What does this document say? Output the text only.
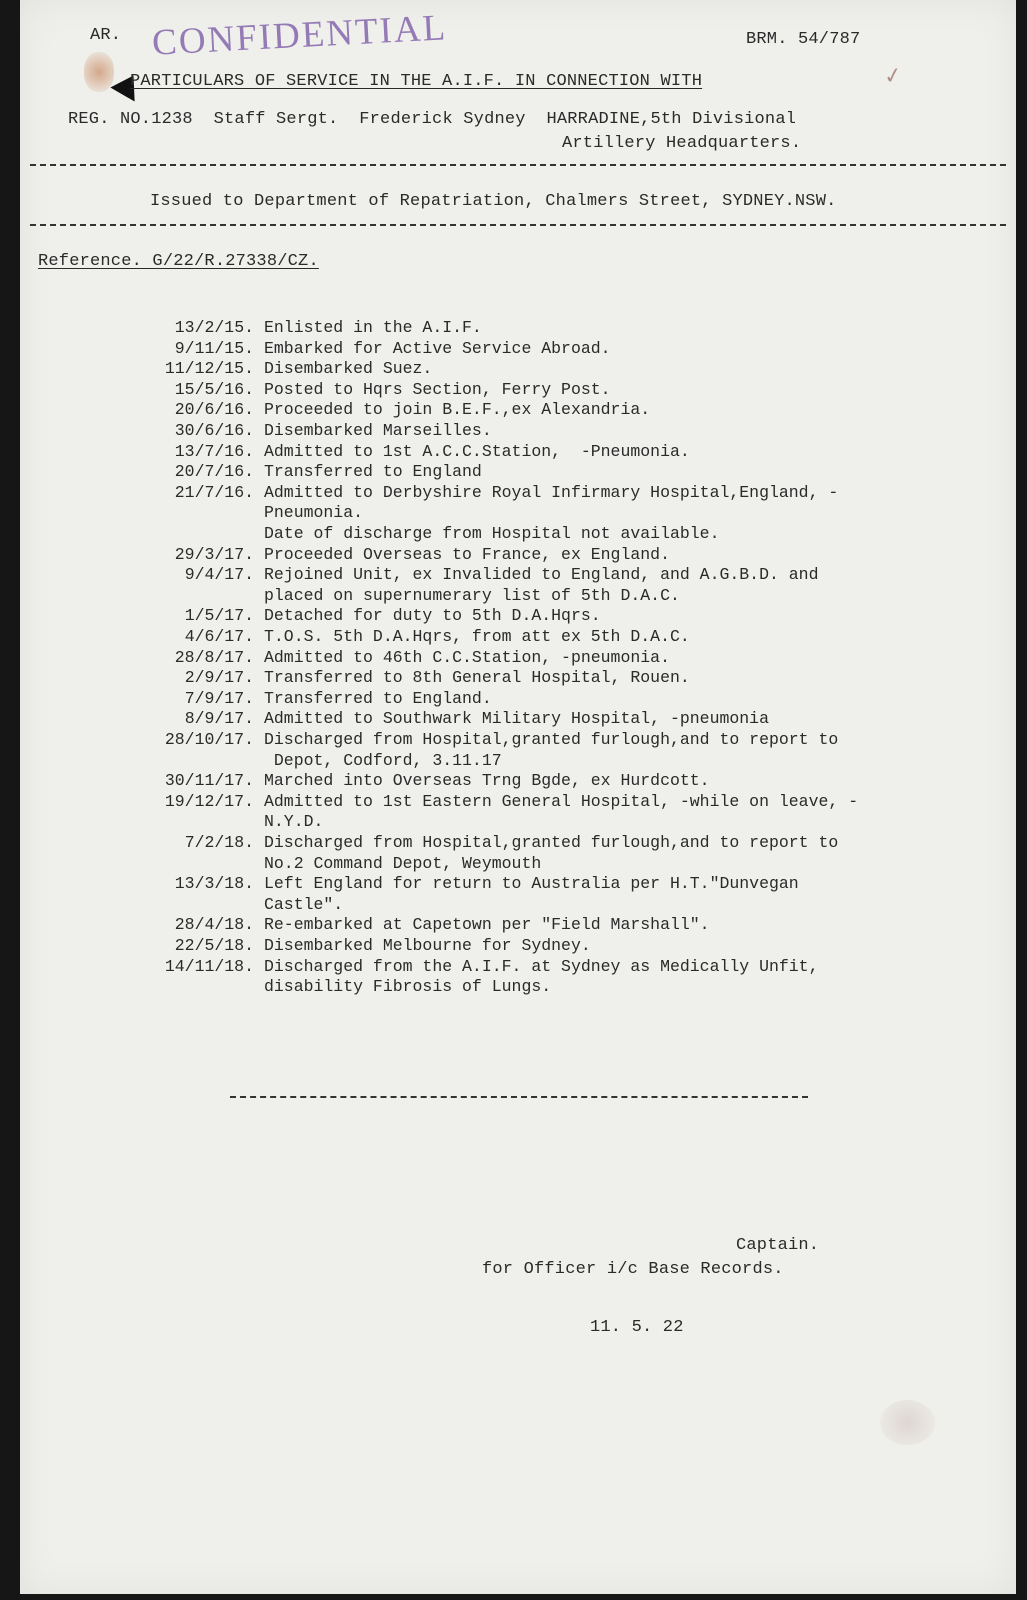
✓
AR. CONFIDENTIAL	BRM. 54/787
PARTICULARS OF SERVICE IN THE A.I.F. IN CONNECTION WITH
REG. NO.1238  Staff Sergt.  Frederick Sydney  HARRADINE,5th Divisional
Artillery Headquarters.
Issued to Department of Repatriation, Chalmers Street, SYDNEY.NSW.
Reference. G/22/R.27338/CZ.
13/2/15. Enlisted in the A.I.F.
9/11/15. Embarked for Active Service Abroad.
11/12/15. Disembarked Suez.
15/5/16. Posted to Hqrs Section, Ferry Post.
20/6/16. Proceeded to join B.E.F.,ex Alexandria.
30/6/16. Disembarked Marseilles.
13/7/16. Admitted to 1st A.C.C.Station,  -Pneumonia.
20/7/16. Transferred to England
21/7/16. Admitted to Derbyshire Royal Infirmary Hospital,England, -
Pneumonia.
Date of discharge from Hospital not available.
29/3/17. Proceeded Overseas to France, ex England.
9/4/17. Rejoined Unit, ex Invalided to England, and A.G.B.D. and
placed on supernumerary list of 5th D.A.C.
1/5/17. Detached for duty to 5th D.A.Hqrs.
4/6/17. T.O.S. 5th D.A.Hqrs, from att ex 5th D.A.C.
28/8/17. Admitted to 46th C.C.Station, -pneumonia.
2/9/17. Transferred to 8th General Hospital, Rouen.
7/9/17. Transferred to England.
8/9/17. Admitted to Southwark Military Hospital, -pneumonia
28/10/17. Discharged from Hospital,granted furlough,and to report to
Depot, Codford, 3.11.17
30/11/17. Marched into Overseas Trng Bgde, ex Hurdcott.
19/12/17. Admitted to 1st Eastern General Hospital, -while on leave, -
N.Y.D.
7/2/18. Discharged from Hospital,granted furlough,and to report to
No.2 Command Depot, Weymouth
13/3/18. Left England for return to Australia per H.T."Dunvegan
Castle".
28/4/18. Re-embarked at Capetown per "Field Marshall".
22/5/18. Disembarked Melbourne for Sydney.
14/11/18. Discharged from the A.I.F. at Sydney as Medically Unfit,
disability Fibrosis of Lungs.
Captain.
for Officer i/c Base Records.
11. 5. 22
